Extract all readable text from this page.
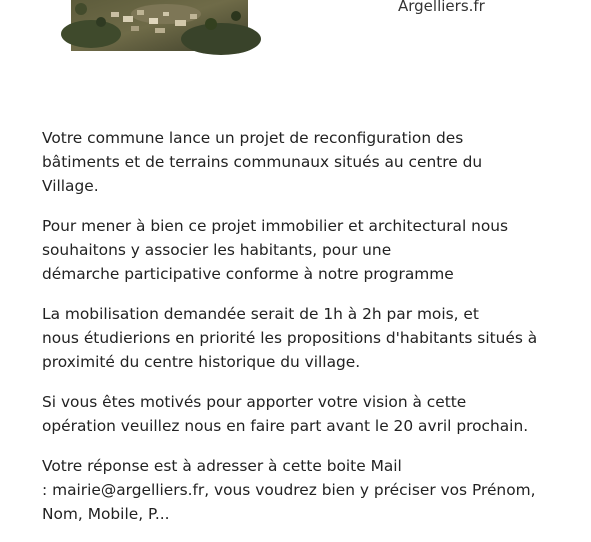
Argelliers.fr

Votre commune lance un projet de reconfiguration des
bâtiments et de terrains communaux situés au centre du
Village.

Pour mener à bien ce projet immobilier et architectural nous
souhaitons y associer les habitants, pour une
démarche participative conforme à notre programme

La mobilisation demandée serait de 1h à 2h par mois, et
nous étudierions en priorité les propositions d'habitants situés à
proximité du centre historique du village.

Si vous êtes motivés pour apporter votre vision à cette
opération veuillez nous en faire part avant le 20 avril prochain.

Votre réponse est à adresser à cette boite Mail
: mairie@argelliers.fr, vous voudrez bien y préciser vos Prénom,
Nom, Mobile, P...
